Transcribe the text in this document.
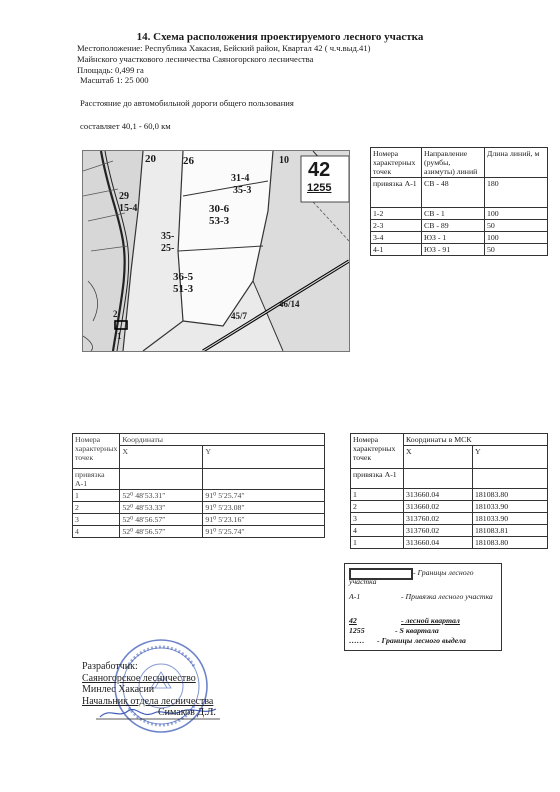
14. Схема расположения проектируемого лесного участка
Местоположение: Республика Хакасия, Бейский район, Квартал 42 ( ч.ч.выд.41)
Майнского участкового лесничества Саяногорского лесничества
Площадь: 0,499 га
Масштаб 1: 25 000
Расстояние до автомобильной дороги общего пользования
составляет 40,1 - 60,0 км
20 26	10
31-4
35-3
42
1255
30-6
53-3
29
15-4
35-
25-
36-5
51-3
45/7
46/14
2
1
Номера характерных точек	Направление (румбы, азимуты) линий	Длина линий, м
привязка А-1	СВ - 48	180
1-2	СВ - 1	100
2-3	СВ - 89	50
3-4	ЮЗ - 1	100
4-1	ЮЗ - 91	50
Номера характерных точек	Координаты	
	X	Y
привязка А-1		
1	52⁰ 48′53.31″	91⁰ 5′25.74″
2	52⁰ 48′53.33″	91⁰ 5′23.08″
3	52⁰ 48′56.57″	91⁰ 5′23.16″
4	52⁰ 48′56.57″	91⁰ 5′25.74″
Номера характерных точек	Координаты в МСК	
	X	Y
привязка А-1		
1	313660.04	181083.80
2	313660.02	181033.90
3	313760.02	181033.90
4	313760.02	181083.81
1	313660.04	181083.80
- Границы лесного участка
А-1	- Привязка лесного участка
42	- лесной квартал
1255	- S квартала
…… - Границы лесного выдела
Разработчик:
Саяногорское лесничество
Минлес Хакасии
Начальник отдела лесничества
Симаков Д.Л.
